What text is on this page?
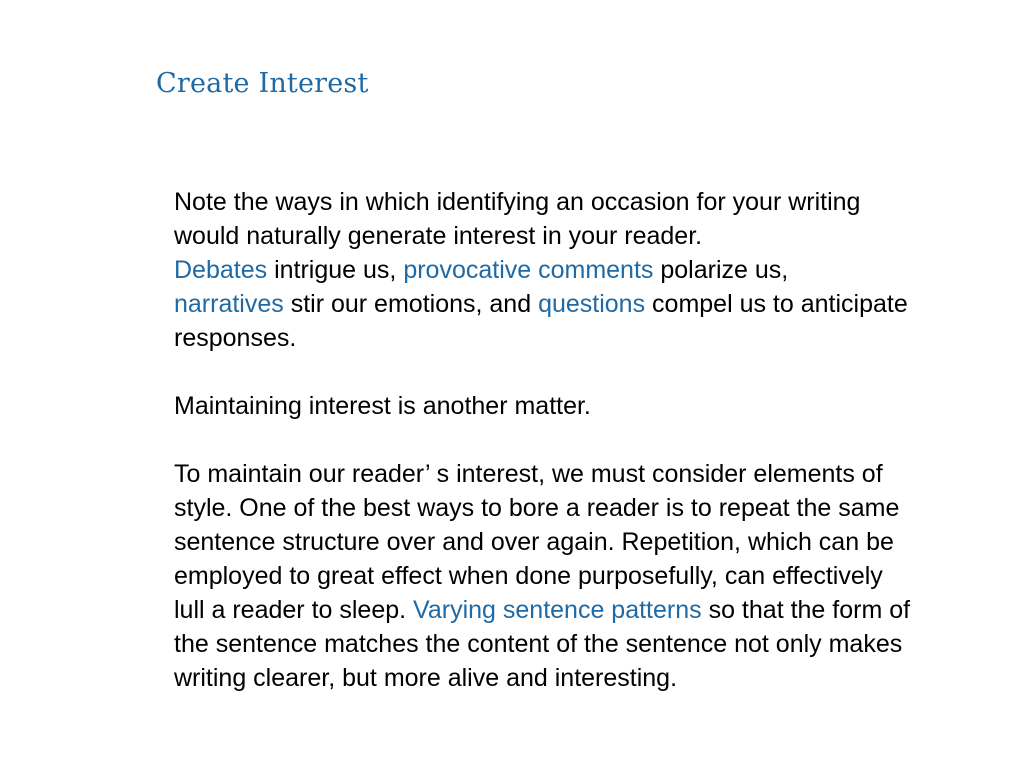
Create Interest

Note the ways in which identifying an occasion for your writing would naturally generate interest in your reader.
Debates intrigue us, provocative comments polarize us,
narratives stir our emotions, and questions compel us to anticipate responses.

Maintaining interest is another matter.

To maintain our reader’ s interest, we must consider elements of style. One of the best ways to bore a reader is to repeat the same sentence structure over and over again. Repetition, which can be employed to great effect when done purposefully, can effectively lull a reader to sleep. Varying sentence patterns so that the form of the sentence matches the content of the sentence not only makes writing clearer, but more alive and interesting.
